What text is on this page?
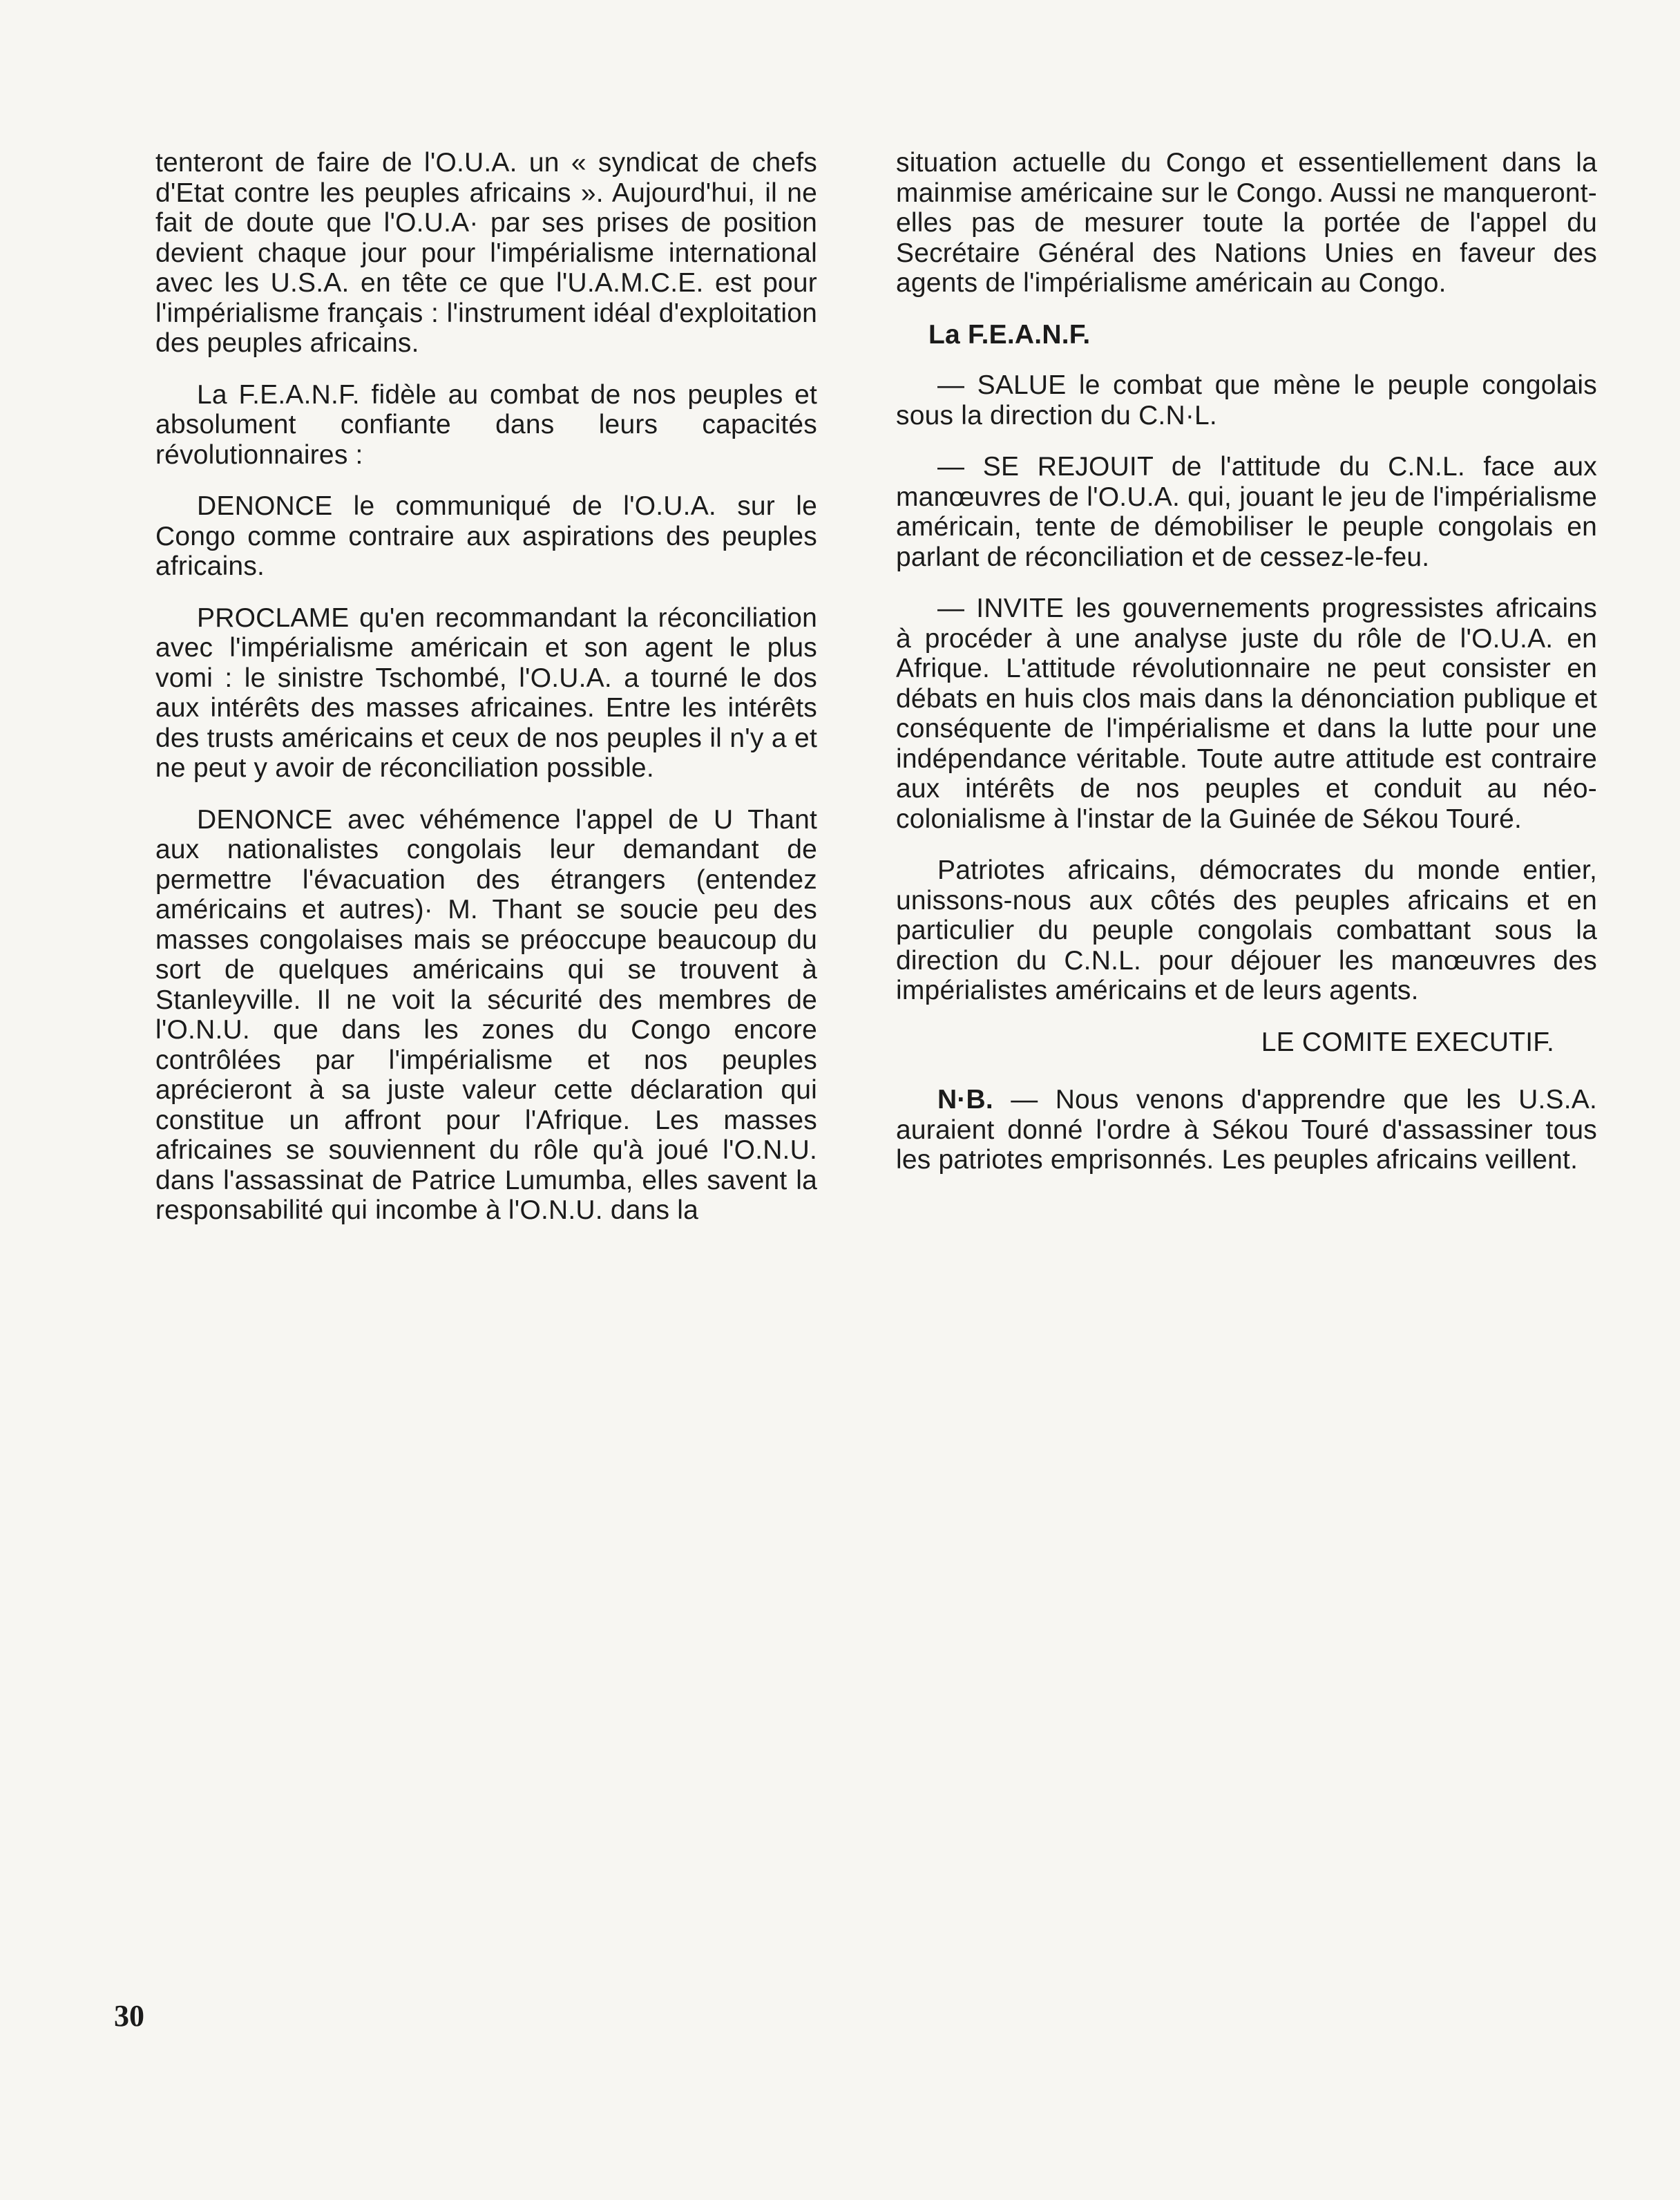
tenteront de faire de l'O.U.A. un « syndicat de chefs d'Etat contre les peuples africains ». Aujourd'hui, il ne fait de doute que l'O.U.A· par ses prises de position devient chaque jour pour l'impérialisme international avec les U.S.A. en tête ce que l'U.A.M.C.E. est pour l'impérialisme français : l'instrument idéal d'exploitation des peuples africains.

La F.E.A.N.F. fidèle au combat de nos peuples et absolument confiante dans leurs capacités révolutionnaires :

DENONCE le communiqué de l'O.U.A. sur le Congo comme contraire aux aspirations des peuples africains.

PROCLAME qu'en recommandant la réconciliation avec l'impérialisme américain et son agent le plus vomi : le sinistre Tschombé, l'O.U.A. a tourné le dos aux intérêts des masses africaines. Entre les intérêts des trusts américains et ceux de nos peuples il n'y a et ne peut y avoir de réconciliation possible.

DENONCE avec véhémence l'appel de U Thant aux nationalistes congolais leur demandant de permettre l'évacuation des étrangers (entendez américains et autres)· M. Thant se soucie peu des masses congolaises mais se préoccupe beaucoup du sort de quelques américains qui se trouvent à Stanleyville. Il ne voit la sécurité des membres de l'O.N.U. que dans les zones du Congo encore contrôlées par l'impérialisme et nos peuples aprécieront à sa juste valeur cette déclaration qui constitue un affront pour l'Afrique. Les masses africaines se souviennent du rôle qu'à joué l'O.N.U. dans l'assassinat de Patrice Lumumba, elles savent la responsabilité qui incombe à l'O.N.U. dans la

situation actuelle du Congo et essentiellement dans la mainmise américaine sur le Congo. Aussi ne manqueront-elles pas de mesurer toute la portée de l'appel du Secrétaire Général des Nations Unies en faveur des agents de l'impérialisme américain au Congo.

La F.E.A.N.F.

— SALUE le combat que mène le peuple congolais sous la direction du C.N·L.

— SE REJOUIT de l'attitude du C.N.L. face aux manœuvres de l'O.U.A. qui, jouant le jeu de l'impérialisme américain, tente de démobiliser le peuple congolais en parlant de réconciliation et de cessez-le-feu.

— INVITE les gouvernements progressistes africains à procéder à une analyse juste du rôle de l'O.U.A. en Afrique. L'attitude révolutionnaire ne peut consister en débats en huis clos mais dans la dénonciation publique et conséquente de l'impérialisme et dans la lutte pour une indépendance véritable. Toute autre attitude est contraire aux intérêts de nos peuples et conduit au néo-colonialisme à l'instar de la Guinée de Sékou Touré.

Patriotes africains, démocrates du monde entier, unissons-nous aux côtés des peuples africains et en particulier du peuple congolais combattant sous la direction du C.N.L. pour déjouer les manœuvres des impérialistes américains et de leurs agents.

LE COMITE EXECUTIF.

N·B. — Nous venons d'apprendre que les U.S.A. auraient donné l'ordre à Sékou Touré d'assassiner tous les patriotes emprisonnés. Les peuples africains veillent.

30
